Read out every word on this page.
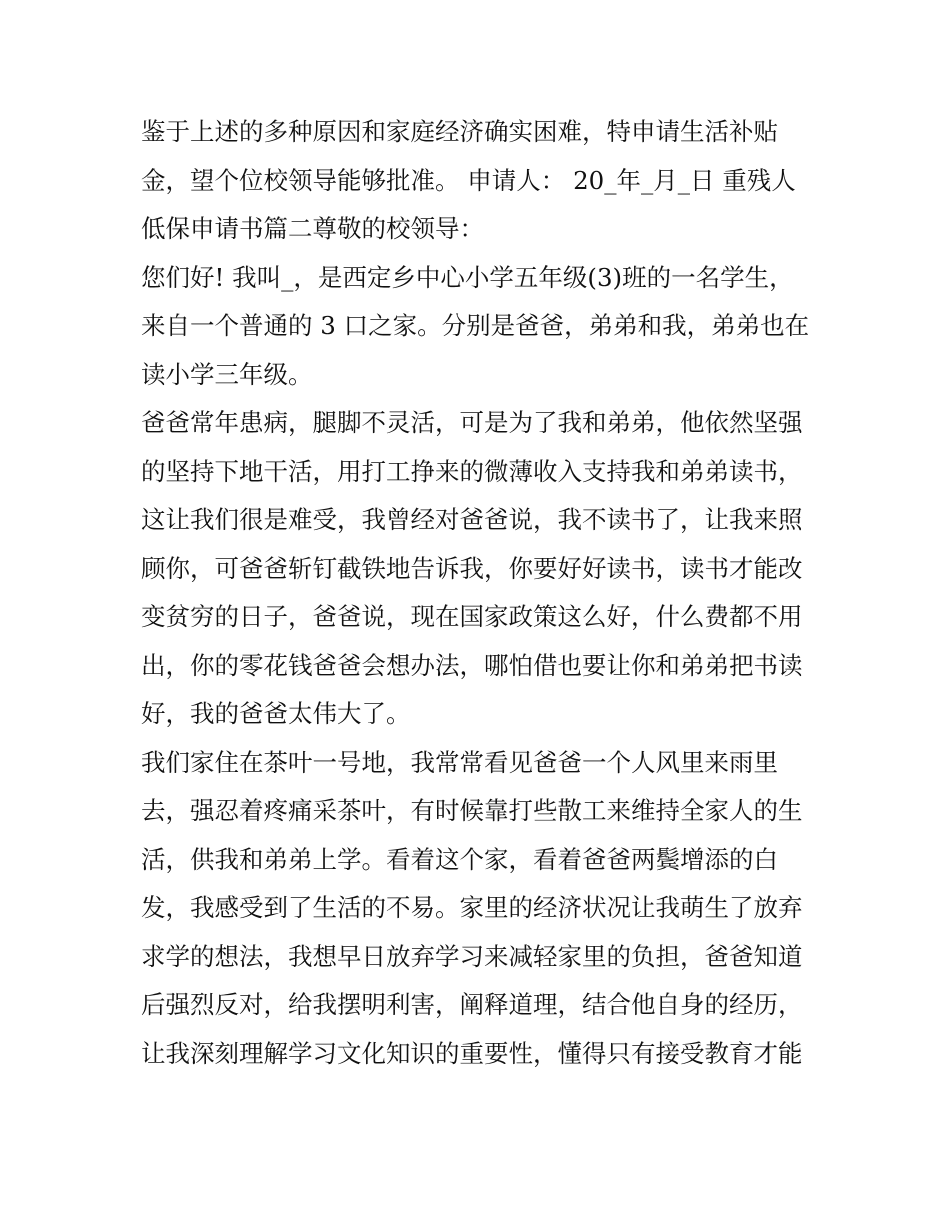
鉴于上述的多种原因和家庭经济确实困难，特申请生活补贴
金，望个位校领导能够批准。 申请人： 20_年_月_日 重残人
低保申请书篇二尊敬的校领导：
您们好! 我叫_，是西定乡中心小学五年级(3)班的一名学生，
来自一个普通的 3 口之家。分别是爸爸，弟弟和我，弟弟也在
读小学三年级。
爸爸常年患病，腿脚不灵活，可是为了我和弟弟，他依然坚强
的坚持下地干活，用打工挣来的微薄收入支持我和弟弟读书，
这让我们很是难受，我曾经对爸爸说，我不读书了，让我来照
顾你，可爸爸斩钉截铁地告诉我，你要好好读书，读书才能改
变贫穷的日子，爸爸说，现在国家政策这么好，什么费都不用
出，你的零花钱爸爸会想办法，哪怕借也要让你和弟弟把书读
好，我的爸爸太伟大了。
我们家住在茶叶一号地，我常常看见爸爸一个人风里来雨里
去，强忍着疼痛采茶叶，有时候靠打些散工来维持全家人的生
活，供我和弟弟上学。看着这个家，看着爸爸两鬓增添的白
发，我感受到了生活的不易。家里的经济状况让我萌生了放弃
求学的想法，我想早日放弃学习来减轻家里的负担，爸爸知道
后强烈反对，给我摆明利害，阐释道理，结合他自身的经历，
让我深刻理解学习文化知识的重要性，懂得只有接受教育才能
